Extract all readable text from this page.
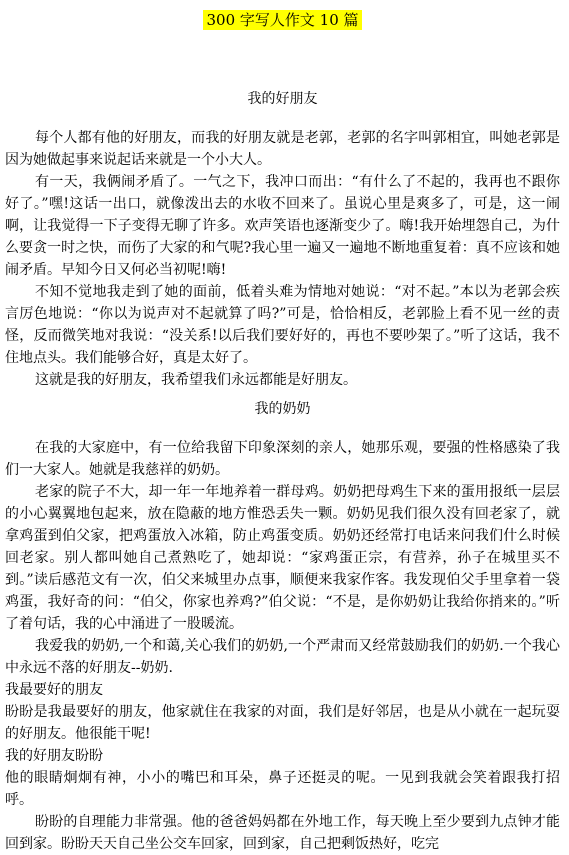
300 字写人作文 10 篇
我的好朋友

每个人都有他的好朋友，而我的好朋友就是老郭，老郭的名字叫郭相宜，叫她老郭是因为她做起事来说起话来就是一个小大人。

有一天，我俩闹矛盾了。一气之下，我冲口而出：“有什么了不起的，我再也不跟你好了。”嘿!这话一出口，就像泼出去的水收不回来了。虽说心里是爽多了，可是，这一闹啊，让我觉得一下子变得无聊了许多。欢声笑语也逐渐变少了。嗨!我开始埋怨自己，为什么要贪一时之快，而伤了大家的和气呢?我心里一遍又一遍地不断地重复着：真不应该和她闹矛盾。早知今日又何必当初呢!嗨!

不知不觉地我走到了她的面前，低着头难为情地对她说：“对不起。”本以为老郭会疾言厉色地说：“你以为说声对不起就算了吗?”可是，恰恰相反，老郭脸上看不见一丝的责怪，反而微笑地对我说：“没关系!以后我们要好好的，再也不要吵架了。”听了这话，我不住地点头。我们能够合好，真是太好了。

这就是我的好朋友，我希望我们永远都能是好朋友。

我的奶奶

在我的大家庭中，有一位给我留下印象深刻的亲人，她那乐观，要强的性格感染了我们一大家人。她就是我慈祥的奶奶。

老家的院子不大，却一年一年地养着一群母鸡。奶奶把母鸡生下来的蛋用报纸一层层的小心翼翼地包起来，放在隐蔽的地方惟恐丢失一颗。奶奶见我们很久没有回老家了，就拿鸡蛋到伯父家，把鸡蛋放入冰箱，防止鸡蛋变质。奶奶还经常打电话来问我们什么时候回老家。别人都叫她自己煮熟吃了，她却说：“家鸡蛋正宗，有营养，孙子在城里买不到。”读后感范文有一次，伯父来城里办点事，顺便来我家作客。我发现伯父手里拿着一袋鸡蛋，我好奇的问：“伯父，你家也养鸡?”伯父说：“不是，是你奶奶让我给你捎来的。”听了着句话，我的心中涌进了一股暖流。

我爱我的奶奶,一个和蔼,关心我们的奶奶,一个严肃而又经常鼓励我们的奶奶.一个我心中永远不落的好朋友--奶奶.

我最要好的朋友

盼盼是我最要好的朋友，他家就住在我家的对面，我们是好邻居，也是从小就在一起玩耍的好朋友。他很能干呢!

我的好朋友盼盼

他的眼睛炯炯有神，小小的嘴巴和耳朵，鼻子还挺灵的呢。一见到我就会笑着跟我打招呼。

盼盼的自理能力非常强。他的爸爸妈妈都在外地工作，每天晚上至少要到九点钟才能回到家。盼盼天天自己坐公交车回家，回到家，自己把剩饭热好，吃完
